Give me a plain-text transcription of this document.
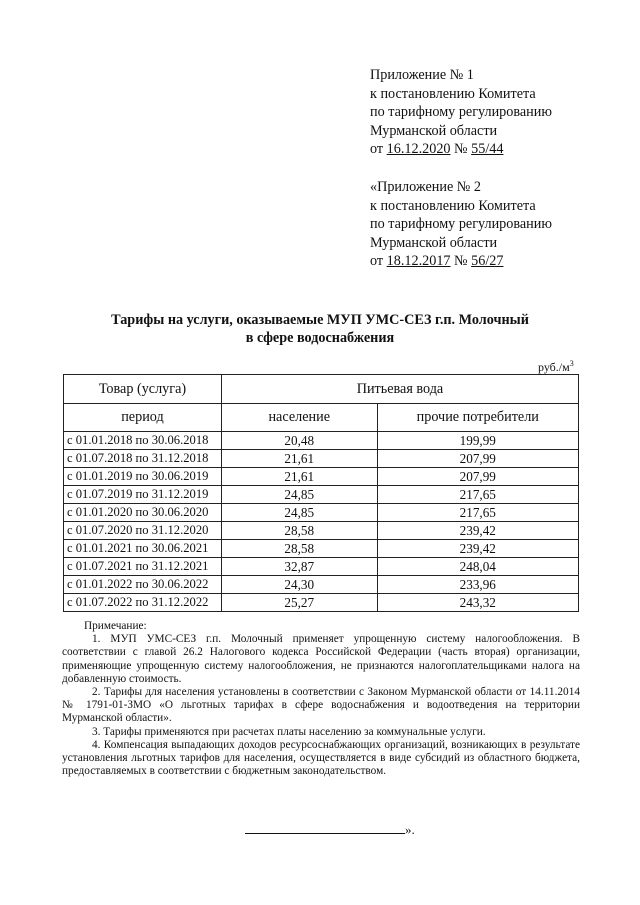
Приложение № 1
к постановлению Комитета
по тарифному регулированию
Мурманской области
от 16.12.2020 № 55/44
«Приложение № 2
к постановлению Комитета
по тарифному регулированию
Мурманской области
от 18.12.2017 № 56/27
Тарифы на услуги, оказываемые МУП УМС-СЕЗ г.п. Молочный
в сфере водоснабжения
$руб./м^3$
Товар (услуга)	Питьевая вода	
период	население	прочие потребители
с 01.01.2018 по 30.06.2018	20,48	199,99
с 01.07.2018 по 31.12.2018	21,61	207,99
с 01.01.2019 по 30.06.2019	21,61	207,99
с 01.07.2019 по 31.12.2019	24,85	217,65
с 01.01.2020 по 30.06.2020	24,85	217,65
с 01.07.2020 по 31.12.2020	28,58	239,42
с 01.01.2021 по 30.06.2021	28,58	239,42
с 01.07.2021 по 31.12.2021	32,87	248,04
с 01.01.2022 по 30.06.2022	24,30	233,96
с 01.07.2022 по 31.12.2022	25,27	243,32

Примечание:

1. МУП УМС-СЕЗ г.п. Молочный применяет упрощенную систему налогообложения. В соответствии с главой 26.2 Налогового кодекса Российской Федерации (часть вторая) организации, применяющие упрощенную систему налогообложения, не признаются налогоплательщиками налога на добавленную стоимость.

2. Тарифы для населения установлены в соответствии с Законом Мурманской области от 14.11.2014 № 1791-01-ЗМО «О льготных тарифах в сфере водоснабжения и водоотведения на территории Мурманской области».

3. Тарифы применяются при расчетах платы населению за коммунальные услуги.

4. Компенсация выпадающих доходов ресурсоснабжающих организаций, возникающих в результате установления льготных тарифов для населения, осуществляется в виде субсидий из областного бюджета, предоставляемых в соответствии с бюджетным законодательством.

».
